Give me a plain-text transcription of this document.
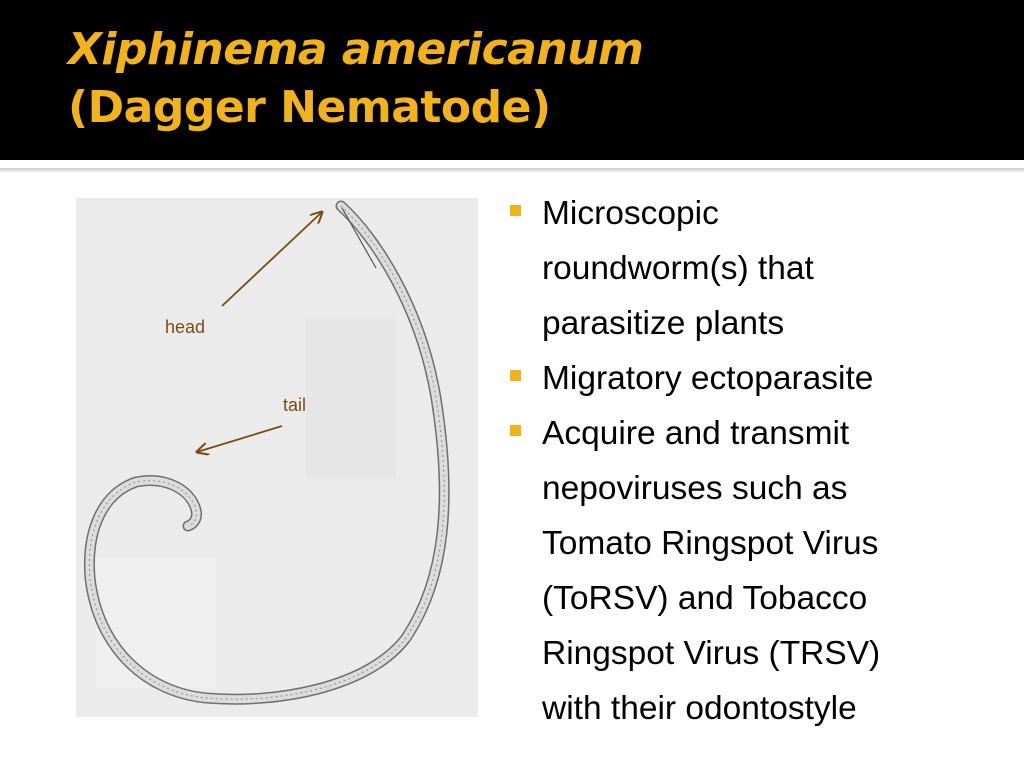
Xiphinema americanum
(Dagger Nematode)
head
tail
Microscopic
roundworm(s) that
parasitize plants
Migratory ectoparasite
Acquire and transmit
nepoviruses such as
Tomato Ringspot Virus
(ToRSV) and Tobacco
Ringspot Virus (TRSV)
with their odontostyle
